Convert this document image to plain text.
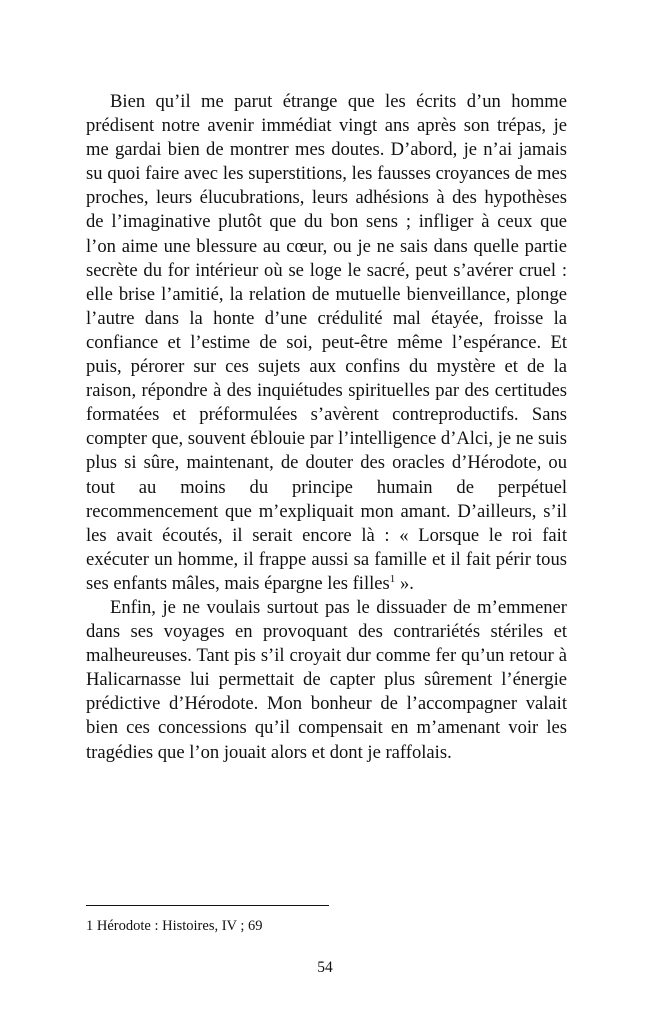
Bien qu’il me parut étrange que les écrits d’un homme prédisent notre avenir immédiat vingt ans après son trépas, je me gardai bien de montrer mes doutes. D’abord, je n’ai jamais su quoi faire avec les superstitions, les fausses croyances de mes proches, leurs élucubrations, leurs adhésions à des hypothèses de l’imaginative plutôt que du bon sens ; infliger à ceux que l’on aime une blessure au cœur, ou je ne sais dans quelle partie secrète du for intérieur où se loge le sacré, peut s’avérer cruel : elle brise l’amitié, la relation de mutuelle bienveillance, plonge l’autre dans la honte d’une crédulité mal étayée, froisse la confiance et l’estime de soi, peut-être même l’espérance. Et puis, pérorer sur ces sujets aux confins du mystère et de la raison, répondre à des inquiétudes spirituelles par des certitudes formatées et préformulées s’avèrent contreproductifs. Sans compter que, souvent éblouie par l’intelligence d’Alci, je ne suis plus si sûre, maintenant, de douter des oracles d’Hérodote, ou tout au moins du principe humain de perpétuel recommencement que m’expliquait mon amant. D’ailleurs, s’il les avait écoutés, il serait encore là : « Lorsque le roi fait exécuter un homme, il frappe aussi sa famille et il fait périr tous ses enfants mâles, mais épargne les filles$^1$ ».

Enfin, je ne voulais surtout pas le dissuader de m’emmener dans ses voyages en provoquant des contrariétés stériles et malheureuses. Tant pis s’il croyait dur comme fer qu’un retour à Halicarnasse lui permettait de capter plus sûrement l’énergie prédictive d’Hérodote. Mon bonheur de l’accompagner valait bien ces concessions qu’il compensait en m’amenant voir les tragédies que l’on jouait alors et dont je raffolais.

1 Hérodote : Histoires, IV ; 69
54
